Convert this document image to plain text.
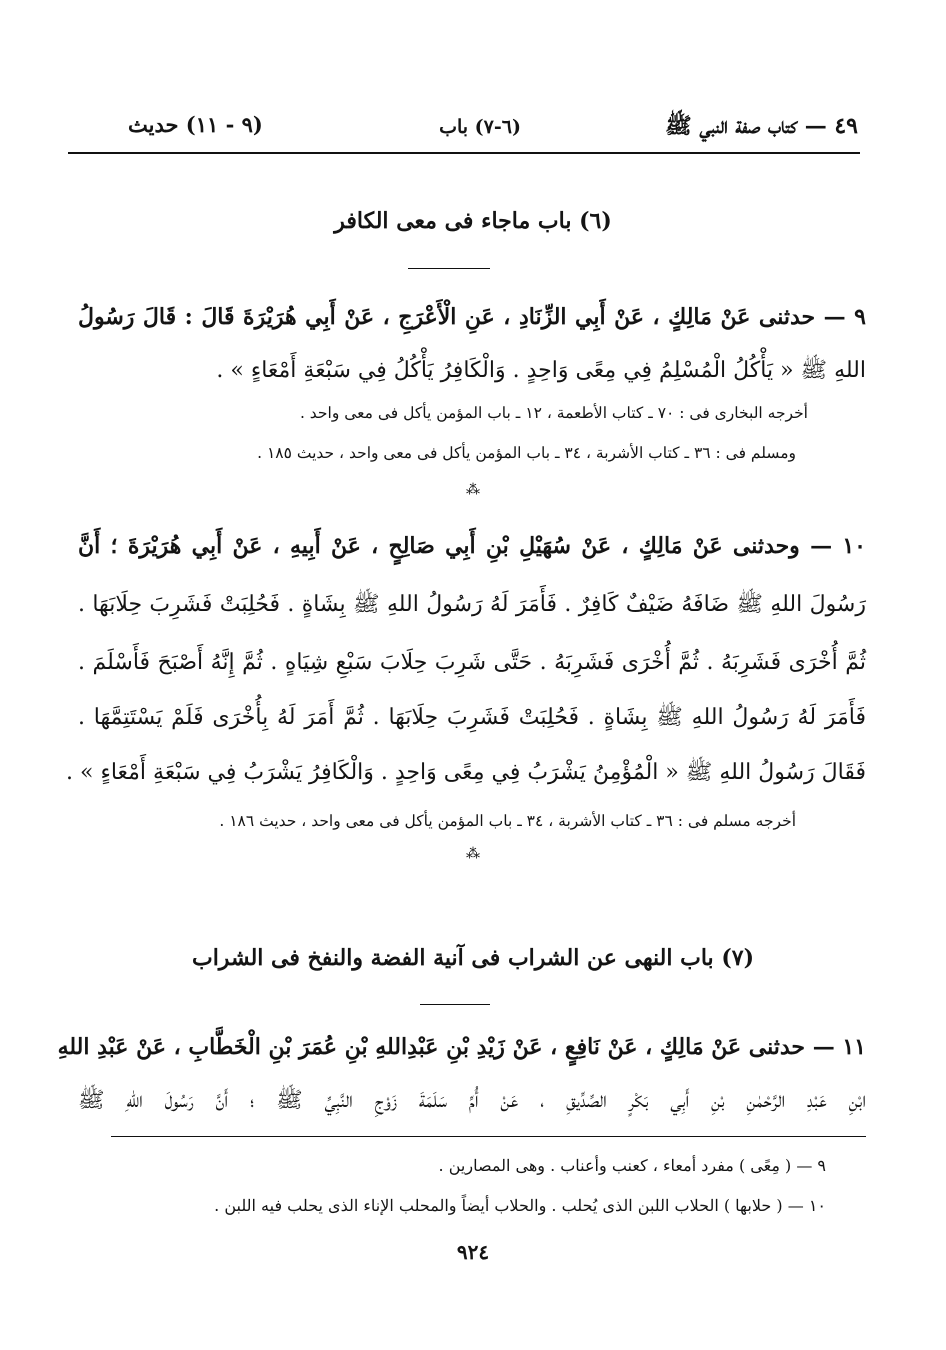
٤٩ — كتاب صفة النبي ﷺ
(٦-٧) باب
(٩ - ١١) حديث
(٦) باب ماجاء فى معى الكافر
٩ — حدثنى عَنْ مَالِكٍ ، عَنْ أَبِي الزِّنَادِ ، عَنِ الْأَعْرَجِ ، عَنْ أَبِي هُرَيْرَةَ قَالَ : قَالَ رَسُولُ
اللهِ ﷺ « يَأْكُلُ الْمُسْلِمُ فِي مِعًى وَاحِدٍ . وَالْكَافِرُ يَأْكُلُ فِي سَبْعَةِ أَمْعَاءٍ » .
أخرجه البخارى فى : ٧٠ ـ كتاب الأطعمة ، ١٢ ـ باب المؤمن يأكل فى معى واحد .
ومسلم فى : ٣٦ ـ كتاب الأشربة ، ٣٤ ـ باب المؤمن يأكل فى معى واحد ، حديث ١٨٥ .
⁂
١٠ — وحدثنى عَنْ مَالِكٍ ، عَنْ سُهَيْلِ بْنِ أَبِي صَالِحٍ ، عَنْ أَبِيهِ ، عَنْ أَبِي هُرَيْرَةَ ؛ أَنَّ
رَسُولَ اللهِ ﷺ ضَافَهُ ضَيْفٌ كَافِرٌ . فَأَمَرَ لَهُ رَسُولُ اللهِ ﷺ بِشَاةٍ . فَحُلِبَتْ فَشَرِبَ حِلَابَهَا .
ثُمَّ أُخْرَى فَشَرِبَهُ . ثُمَّ أُخْرَى فَشَرِبَهُ . حَتَّى شَرِبَ حِلَابَ سَبْعِ شِيَاهٍ . ثُمَّ إِنَّهُ أَصْبَحَ فَأَسْلَمَ .
فَأَمَرَ لَهُ رَسُولُ اللهِ ﷺ بِشَاةٍ . فَحُلِبَتْ فَشَرِبَ حِلَابَهَا . ثُمَّ أَمَرَ لَهُ بِأُخْرَى فَلَمْ يَسْتَتِمَّهَا .
فَقَالَ رَسُولُ اللهِ ﷺ « الْمُؤْمِنُ يَشْرَبُ فِي مِعًى وَاحِدٍ . وَالْكَافِرُ يَشْرَبُ فِي سَبْعَةِ أَمْعَاءٍ » .
أخرجه مسلم فى : ٣٦ ـ كتاب الأشربة ، ٣٤ ـ باب المؤمن يأكل فى معى واحد ، حديث ١٨٦ .
⁂
(٧) باب النهى عن الشراب فى آنية الفضة والنفخ فى الشراب
١١ — حدثنى عَنْ مَالِكٍ ، عَنْ نَافِعٍ ، عَنْ زَيْدِ بْنِ عَبْدِاللهِ بْنِ عُمَرَ بْنِ الْخَطَّابِ ، عَنْ عَبْدِ اللهِ
ابْنِ عَبْدِ الرَّحْمٰنِ بْنِ أَبِي بَكْرٍ الصِّدِّيقِ ، عَنْ أُمِّ سَلَمَةَ زَوْجِ النَّبِيِّ ﷺ ؛ أَنَّ رَسُولَ اللهِ ﷺ
٩ — ( مِعًى ) مفرد أمعاء ، كعنب وأعناب . وهى المصارين .
١٠ — ( حلابها ) الحلاب اللبن الذى يُحلب . والحلاب أيضاً والمحلب الإناء الذى يحلب فيه اللبن .
٩٢٤
